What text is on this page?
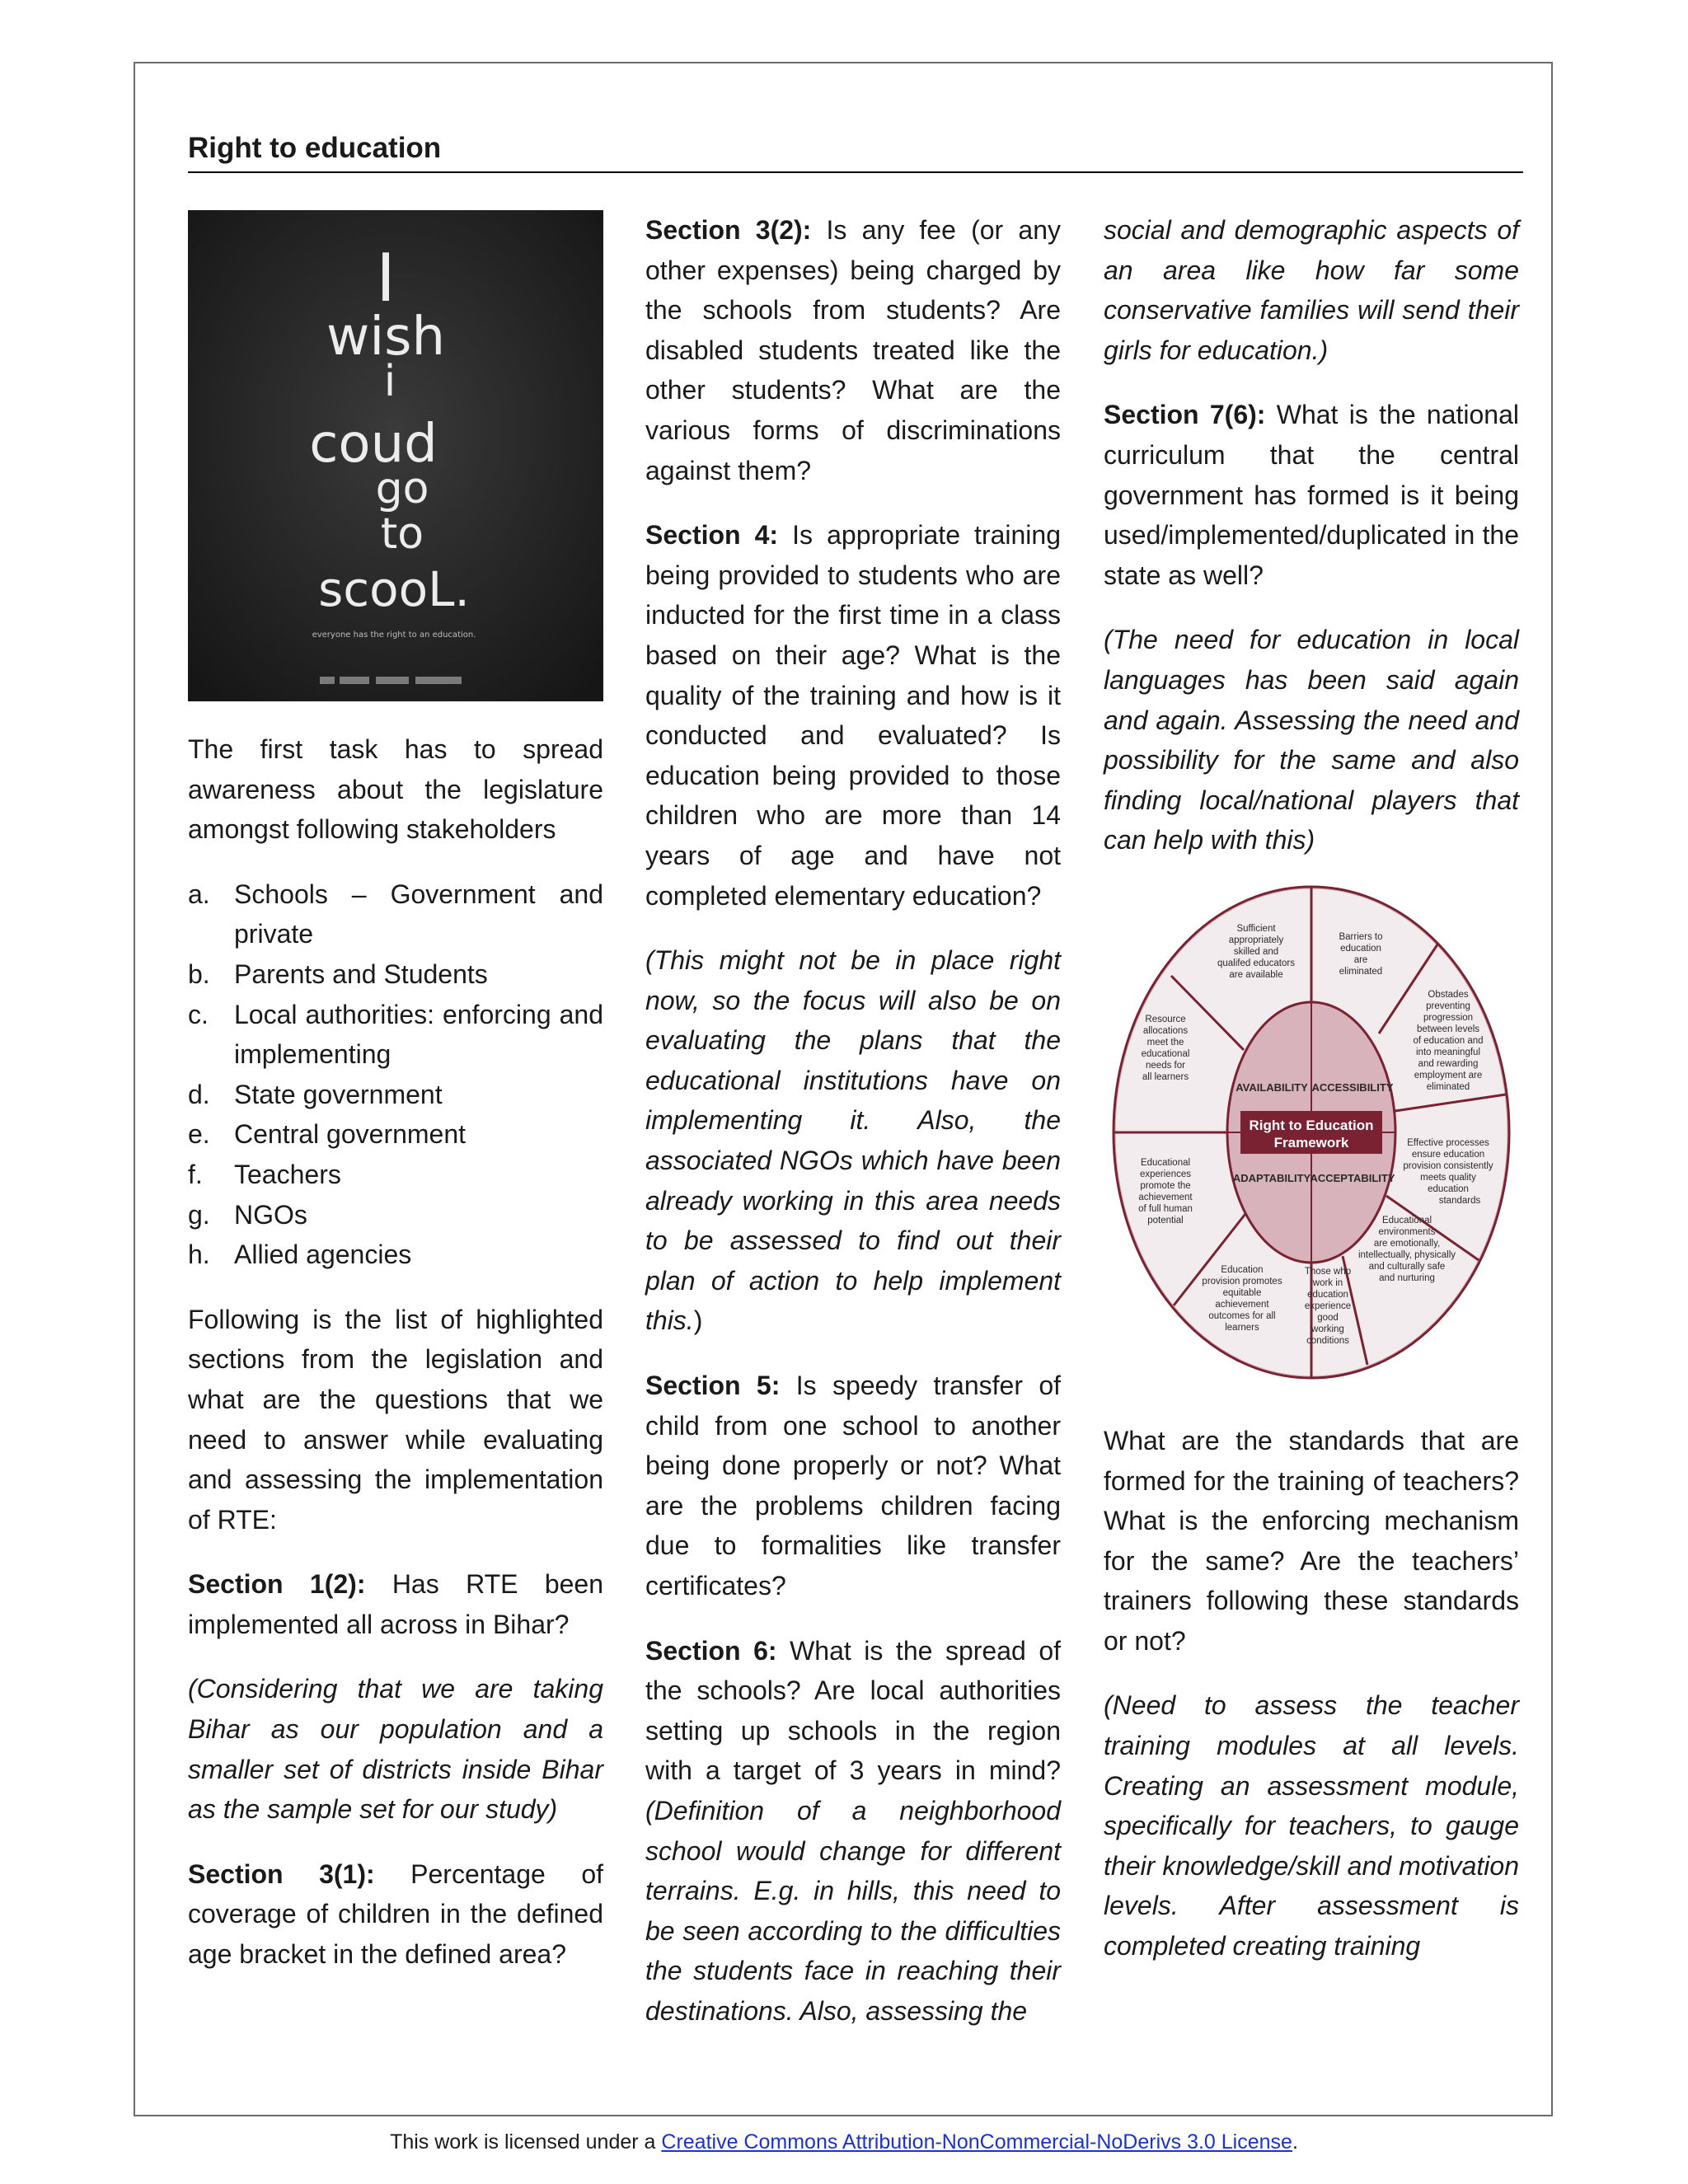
Right to education
I
wish
i
coud
go
to
scooL.
everyone has the right to an education.

The first task has to spread awareness about the legislature amongst following stakeholders

a. Schools – Government and private
b. Parents and Students
c. Local authorities: enforcing and implementing
d. State government
e. Central government
f.	Teachers
g. NGOs
h. Allied agencies

Following is the list of highlighted sections from the legislation and what are the questions that we need to answer while evaluating and assessing the implementation of RTE:

Section 1(2): Has RTE been implemented all across in Bihar?

(Considering that we are taking Bihar as our population and a smaller set of districts inside Bihar as the sample set for our study)

Section 3(1): Percentage of coverage of children in the defined age bracket in the defined area?

Section 3(2): Is any fee (or any other expenses) being charged by the schools from students? Are disabled students treated like the other students? What are the various forms of discriminations against them?

Section 4: Is appropriate training being provided to students who are inducted for the first time in a class based on their age? What is the quality of the training and how is it conducted and evaluated? Is education being provided to those children who are more than 14 years of age and have not completed elementary education?

(This might not be in place right now, so the focus will also be on evaluating the plans that the educational institutions have on implementing it. Also, the associated NGOs which have been already working in this area needs to be assessed to find out their plan of action to help implement this.)

Section 5: Is speedy transfer of child from one school to another being done properly or not? What are the problems children facing due to formalities like transfer certificates?

Section 6: What is the spread of the schools? Are local authorities setting up schools in the region with a target of 3 years in mind?(Definition of a neighborhood school would change for different terrains. E.g. in hills, this need to be seen according to the difficulties the students face in reaching their destinations. Also, assessing the

social and demographic aspects of an area like how far some conservative families will send their girls for education.)

Section 7(6): What is the national curriculum that the central government has formed is it being used/implemented/duplicated in the state as well?

(The need for education in local languages has been said again and again. Assessing the need and possibility for the same and also finding local/national players that can help with this)

Right to Education
Framework
AVAILABILITY ACCESSIBILITY
ADAPTABILITY ACCEPTABILITY
Sufficient
appropriately
skilled and
qualifed educators
are available
Barriers to
education
are
eliminated
Obstades
preventing
progression
between levels
of education and
into meaningful
and rewarding
employment are
eliminated
Effective processes
ensure education
provision consistently
meets quality
education
standards
Educational
environments
are emotionally,
intellectually, physically
and culturally safe
and nurturing
Those who
work in
education
experience
good
working
conditions
Education
provision promotes
equitable
achievement
outcomes for all
learners
Educational
experiences
promote the
achievement
of full human
potential
Resource
allocations
meet the
educational
needs for
all learners

What are the standards that are formed for the training of teachers? What is the enforcing mechanism for the same? Are the teachers’ trainers following these standards or not?

(Need to assess the teacher training modules at all levels. Creating an assessment module, specifically for teachers, to gauge their knowledge/skill and motivation levels. After assessment is completed creating training

This work is licensed under a Creative Commons Attribution-NonCommercial-NoDerivs 3.0 License.
